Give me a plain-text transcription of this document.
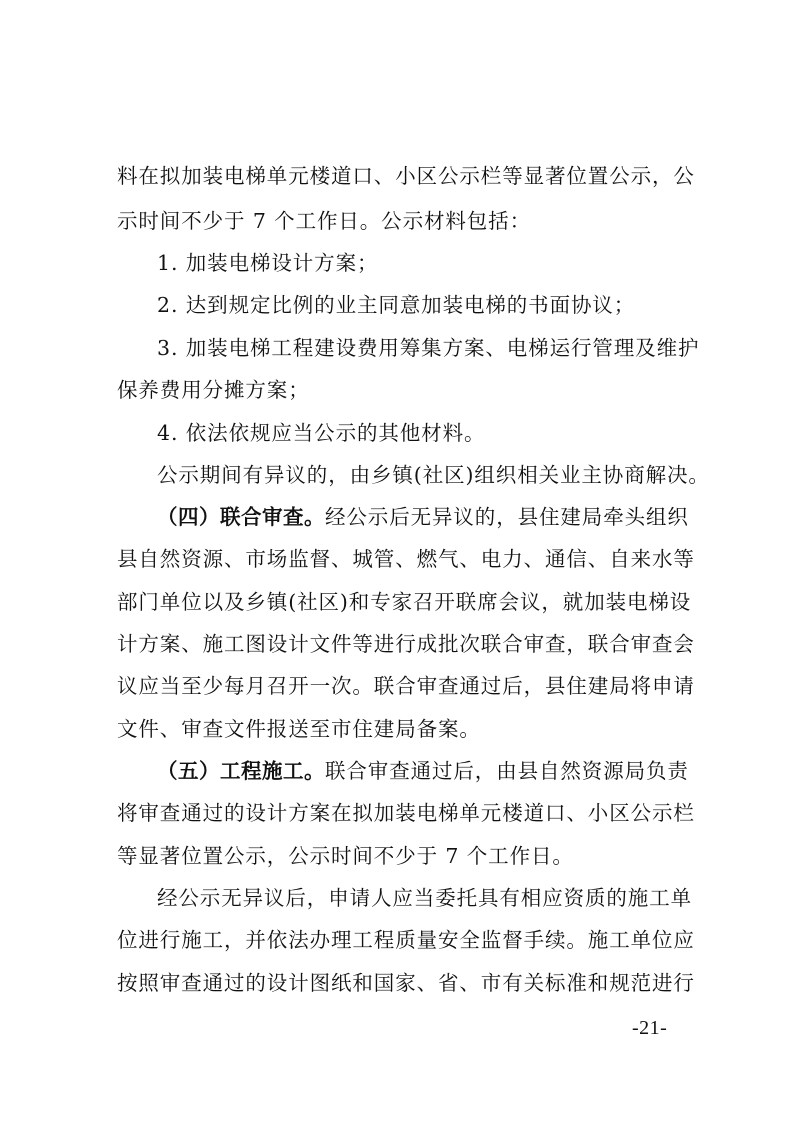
料在拟加装电梯单元楼道口、小区公示栏等显著位置公示，公

示时间不少于 7 个工作日。公示材料包括：

1. 加装电梯设计方案；

2. 达到规定比例的业主同意加装电梯的书面协议；

3. 加装电梯工程建设费用筹集方案、电梯运行管理及维护

保养费用分摊方案；

4. 依法依规应当公示的其他材料。

公示期间有异议的，由乡镇(社区)组织相关业主协商解决。

（四）联合审查。经公示后无异议的，县住建局牵头组织

县自然资源、市场监督、城管、燃气、电力、通信、自来水等

部门单位以及乡镇(社区)和专家召开联席会议，就加装电梯设

计方案、施工图设计文件等进行成批次联合审查，联合审查会

议应当至少每月召开一次。联合审查通过后，县住建局将申请

文件、审查文件报送至市住建局备案。

（五）工程施工。联合审查通过后，由县自然资源局负责

将审查通过的设计方案在拟加装电梯单元楼道口、小区公示栏

等显著位置公示，公示时间不少于 7 个工作日。

经公示无异议后，申请人应当委托具有相应资质的施工单

位进行施工，并依法办理工程质量安全监督手续。施工单位应

按照审查通过的设计图纸和国家、省、市有关标准和规范进行

-21-
